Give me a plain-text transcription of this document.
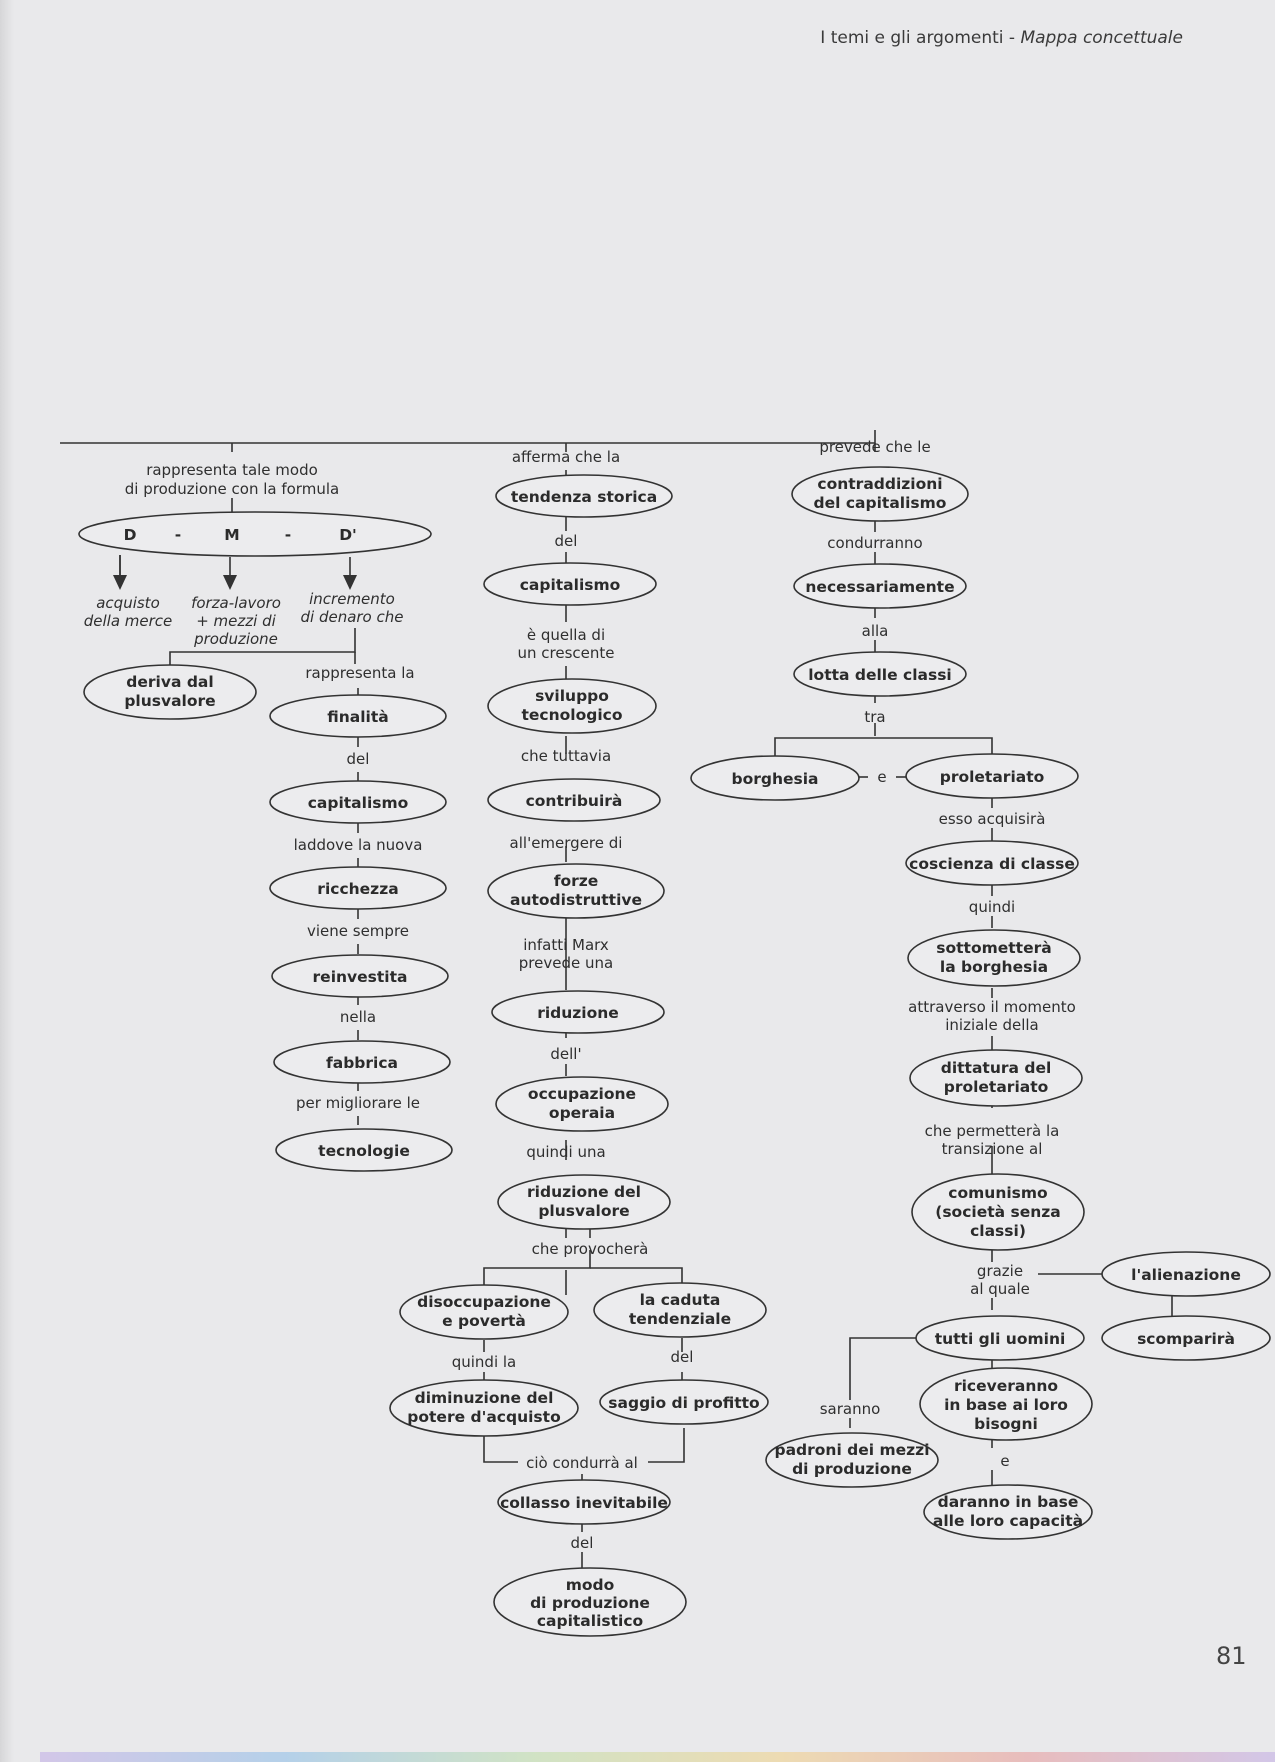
I temi e gli argomenti - Mappa concettuale
D -	M	-	D'
rappresenta tale modo
di produzione con la formula
acquisto
della merce
forza-lavoro
+ mezzi di
produzione
incremento
di denaro che
rappresenta la
del
laddove la nuova
viene sempre
nella
per migliorare le
afferma che la
del
è quella di
un crescente
che tuttavia
all'emergere di
infatti Marx
prevede una
dell'
quindi una
che provocherà
quindi la	del
ciò condurrà al
del
prevede che le
condurranno
alla
tra
e
esso acquisirà
quindi
attraverso il momento
iniziale della
che permetterà la
transizione al
grazie
al quale
saranno
e
deriva dal
plusvalore
finalità
capitalismo
ricchezza
reinvestita
fabbrica
tecnologie
tendenza storica
capitalismo
sviluppo
tecnologico
contribuirà
forze
autodistruttive
riduzione
occupazione
operaia
riduzione del
plusvalore
disoccupazione
e povertà
la caduta
tendenziale
diminuzione del
potere d'acquisto
saggio di profitto
collasso inevitabile
modo
di produzione
capitalistico
contraddizioni
del capitalismo
necessariamente
lotta delle classi
borghesia	proletariato
coscienza di classe
sottometterà
la borghesia
dittatura del
proletariato
comunismo
(società senza
classi)
l'alienazione
scomparirà
tutti gli uomini
riceveranno
in base ai loro
bisogni
padroni dei mezzi
di produzione
daranno in base
alle loro capacità
81
